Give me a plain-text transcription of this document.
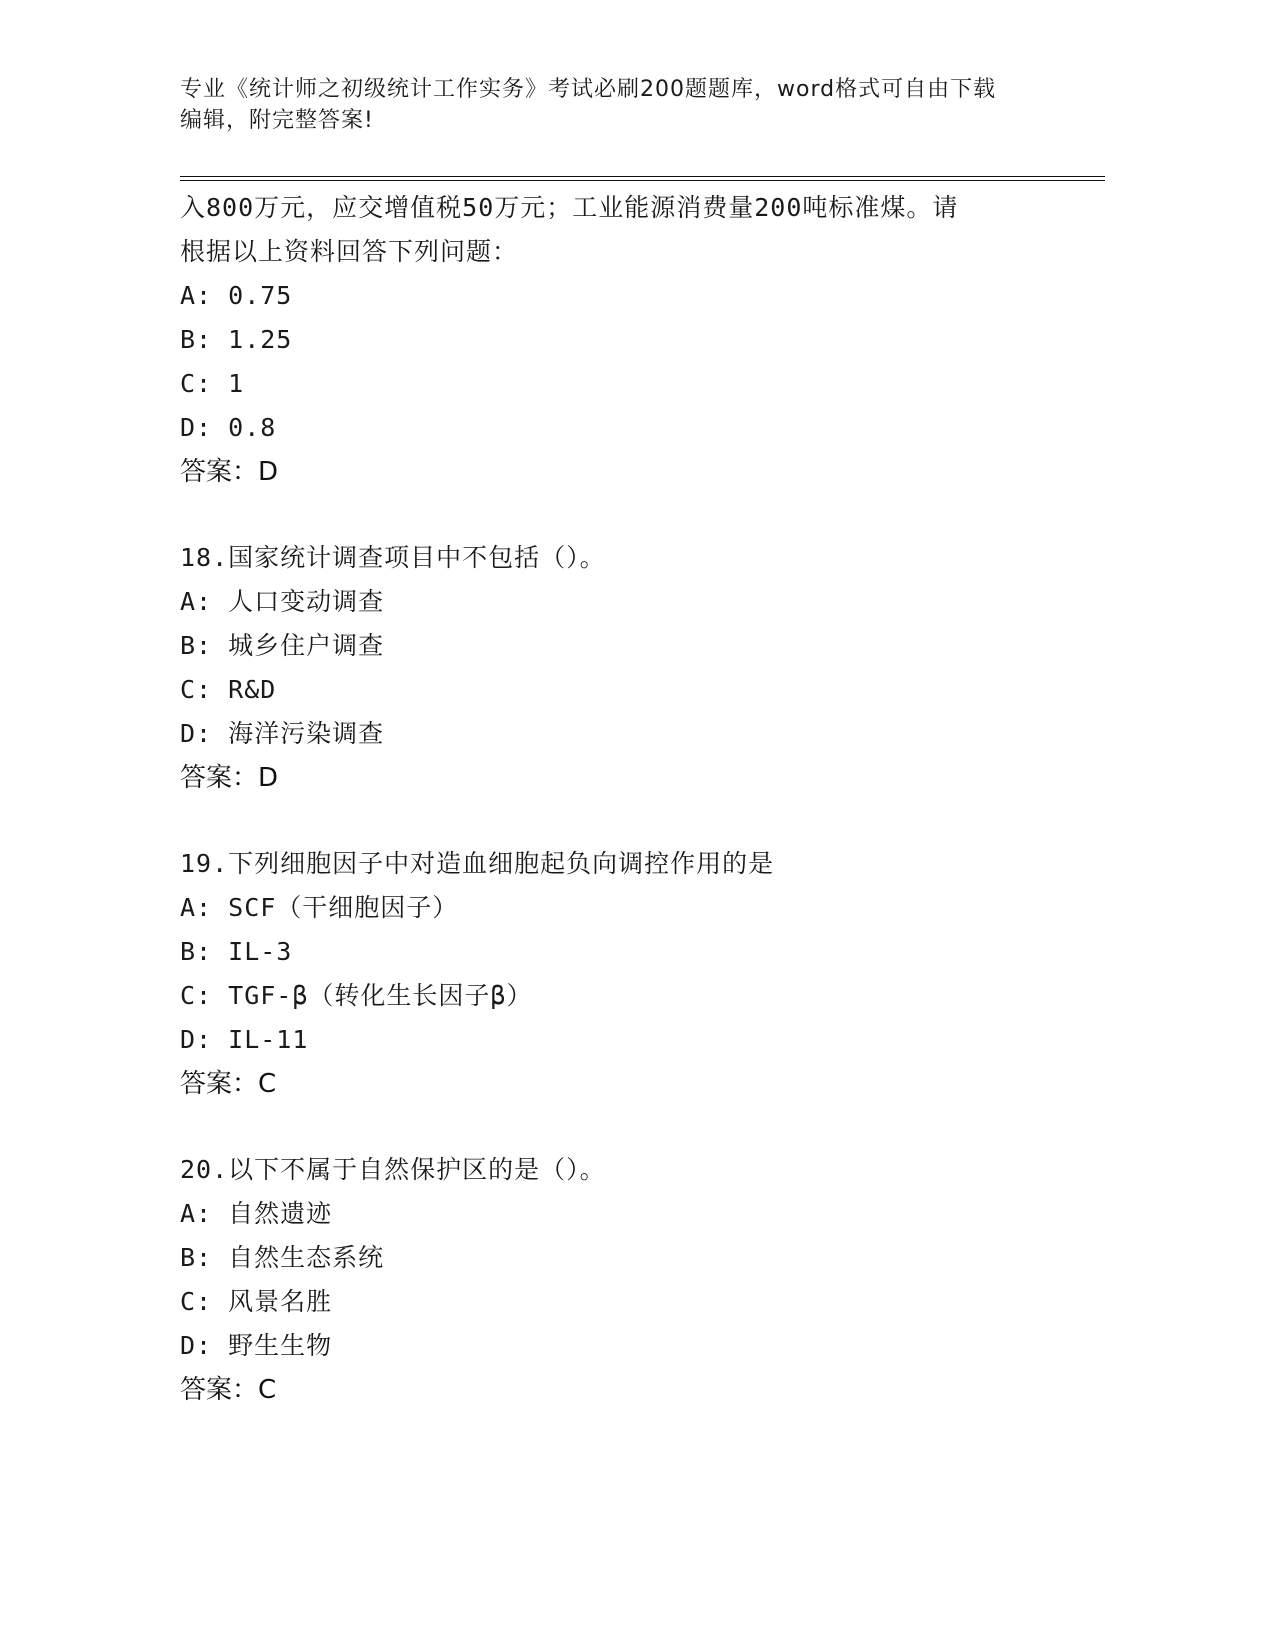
专业《统计师之初级统计工作实务》考试必刷200题题库，word格式可自由下载
编辑，附完整答案!
入800万元，应交增值税50万元；工业能源消费量200吨标准煤。请
根据以上资料回答下列问题：
A: 0.75
B: 1.25
C: 1
D: 0.8
答案：D
18.国家统计调查项目中不包括（）。
A: 人口变动调查
B: 城乡住户调查
C: R&D
D: 海洋污染调查
答案：D
19.下列细胞因子中对造血细胞起负向调控作用的是
A: SCF（干细胞因子）
B: IL-3
C: TGF-β（转化生长因子β）
D: IL-11
答案：C
20.以下不属于自然保护区的是（）。
A: 自然遗迹
B: 自然生态系统
C: 风景名胜
D: 野生生物
答案：C
